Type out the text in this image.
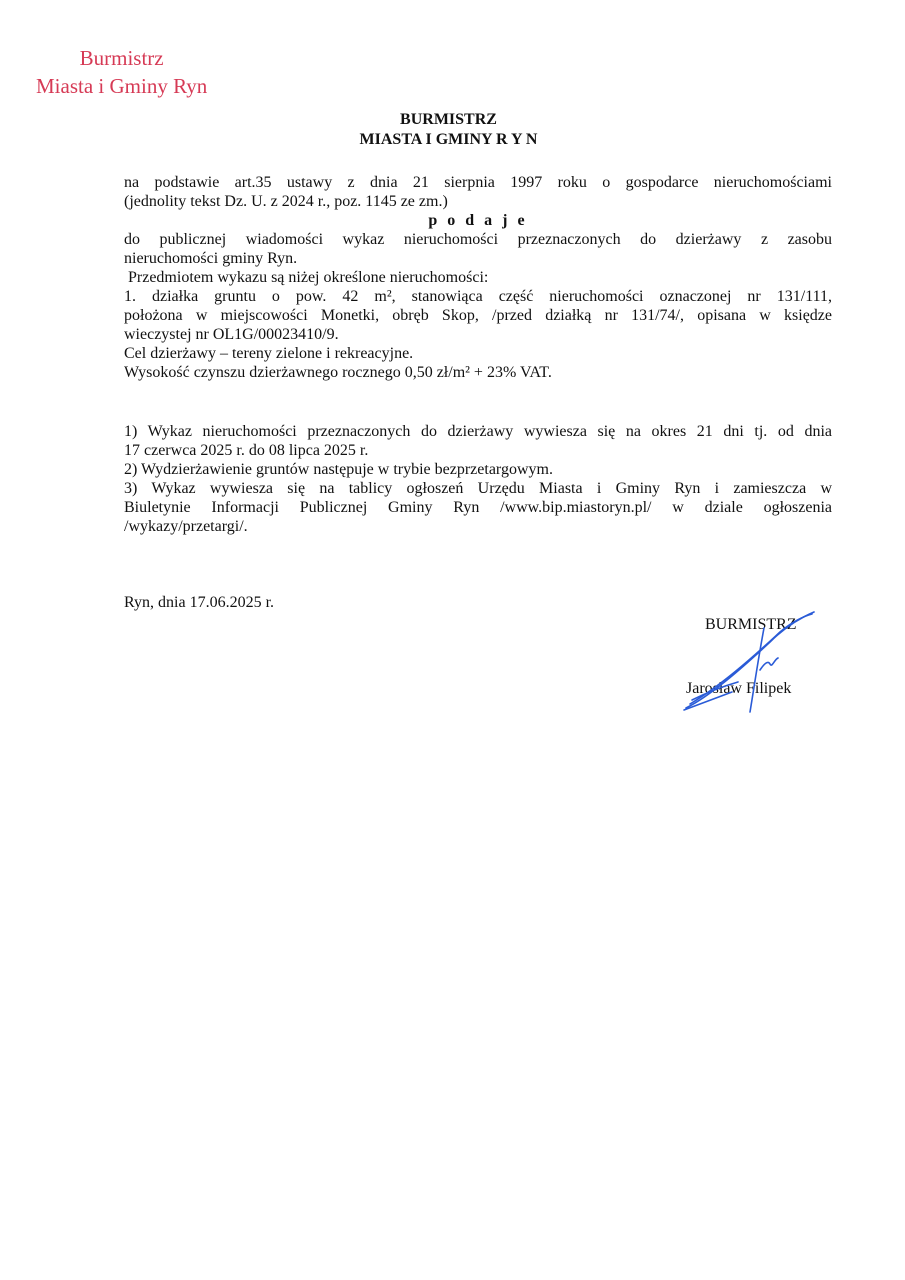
Burmistrz
Miasta i Gminy Ryn
BURMISTRZ
MIASTA I GMINY R Y N

na podstawie art.35 ustawy z dnia 21 sierpnia 1997 roku o gospodarce nieruchomościami

(jednolity tekst Dz. U. z 2024 r., poz. 1145 ze zm.)

p o d a j e

do publicznej wiadomości wykaz nieruchomości przeznaczonych do dzierżawy z zasobu

nieruchomości gminy Ryn.

Przedmiotem wykazu są niżej określone nieruchomości:

1. działka gruntu o pow. 42 m², stanowiąca część nieruchomości oznaczonej nr 131/111,

położona w miejscowości Monetki, obręb Skop, /przed działką nr 131/74/, opisana w księdze

wieczystej nr OL1G/00023410/9.

Cel dzierżawy – tereny zielone i rekreacyjne.

Wysokość czynszu dzierżawnego rocznego 0,50 zł/m² + 23% VAT.

1) Wykaz nieruchomości przeznaczonych do dzierżawy wywiesza się na okres 21 dni tj. od dnia

17 czerwca 2025 r. do 08 lipca 2025 r.

2) Wydzierżawienie gruntów następuje w trybie bezprzetargowym.

3) Wykaz wywiesza się na tablicy ogłoszeń Urzędu Miasta i Gminy Ryn i zamieszcza w

Biuletynie Informacji Publicznej Gminy Ryn /www.bip.miastoryn.pl/ w dziale ogłoszenia

/wykazy/przetargi/.

Ryn, dnia 17.06.2025 r.
BURMISTRZ
Jarosław Filipek
